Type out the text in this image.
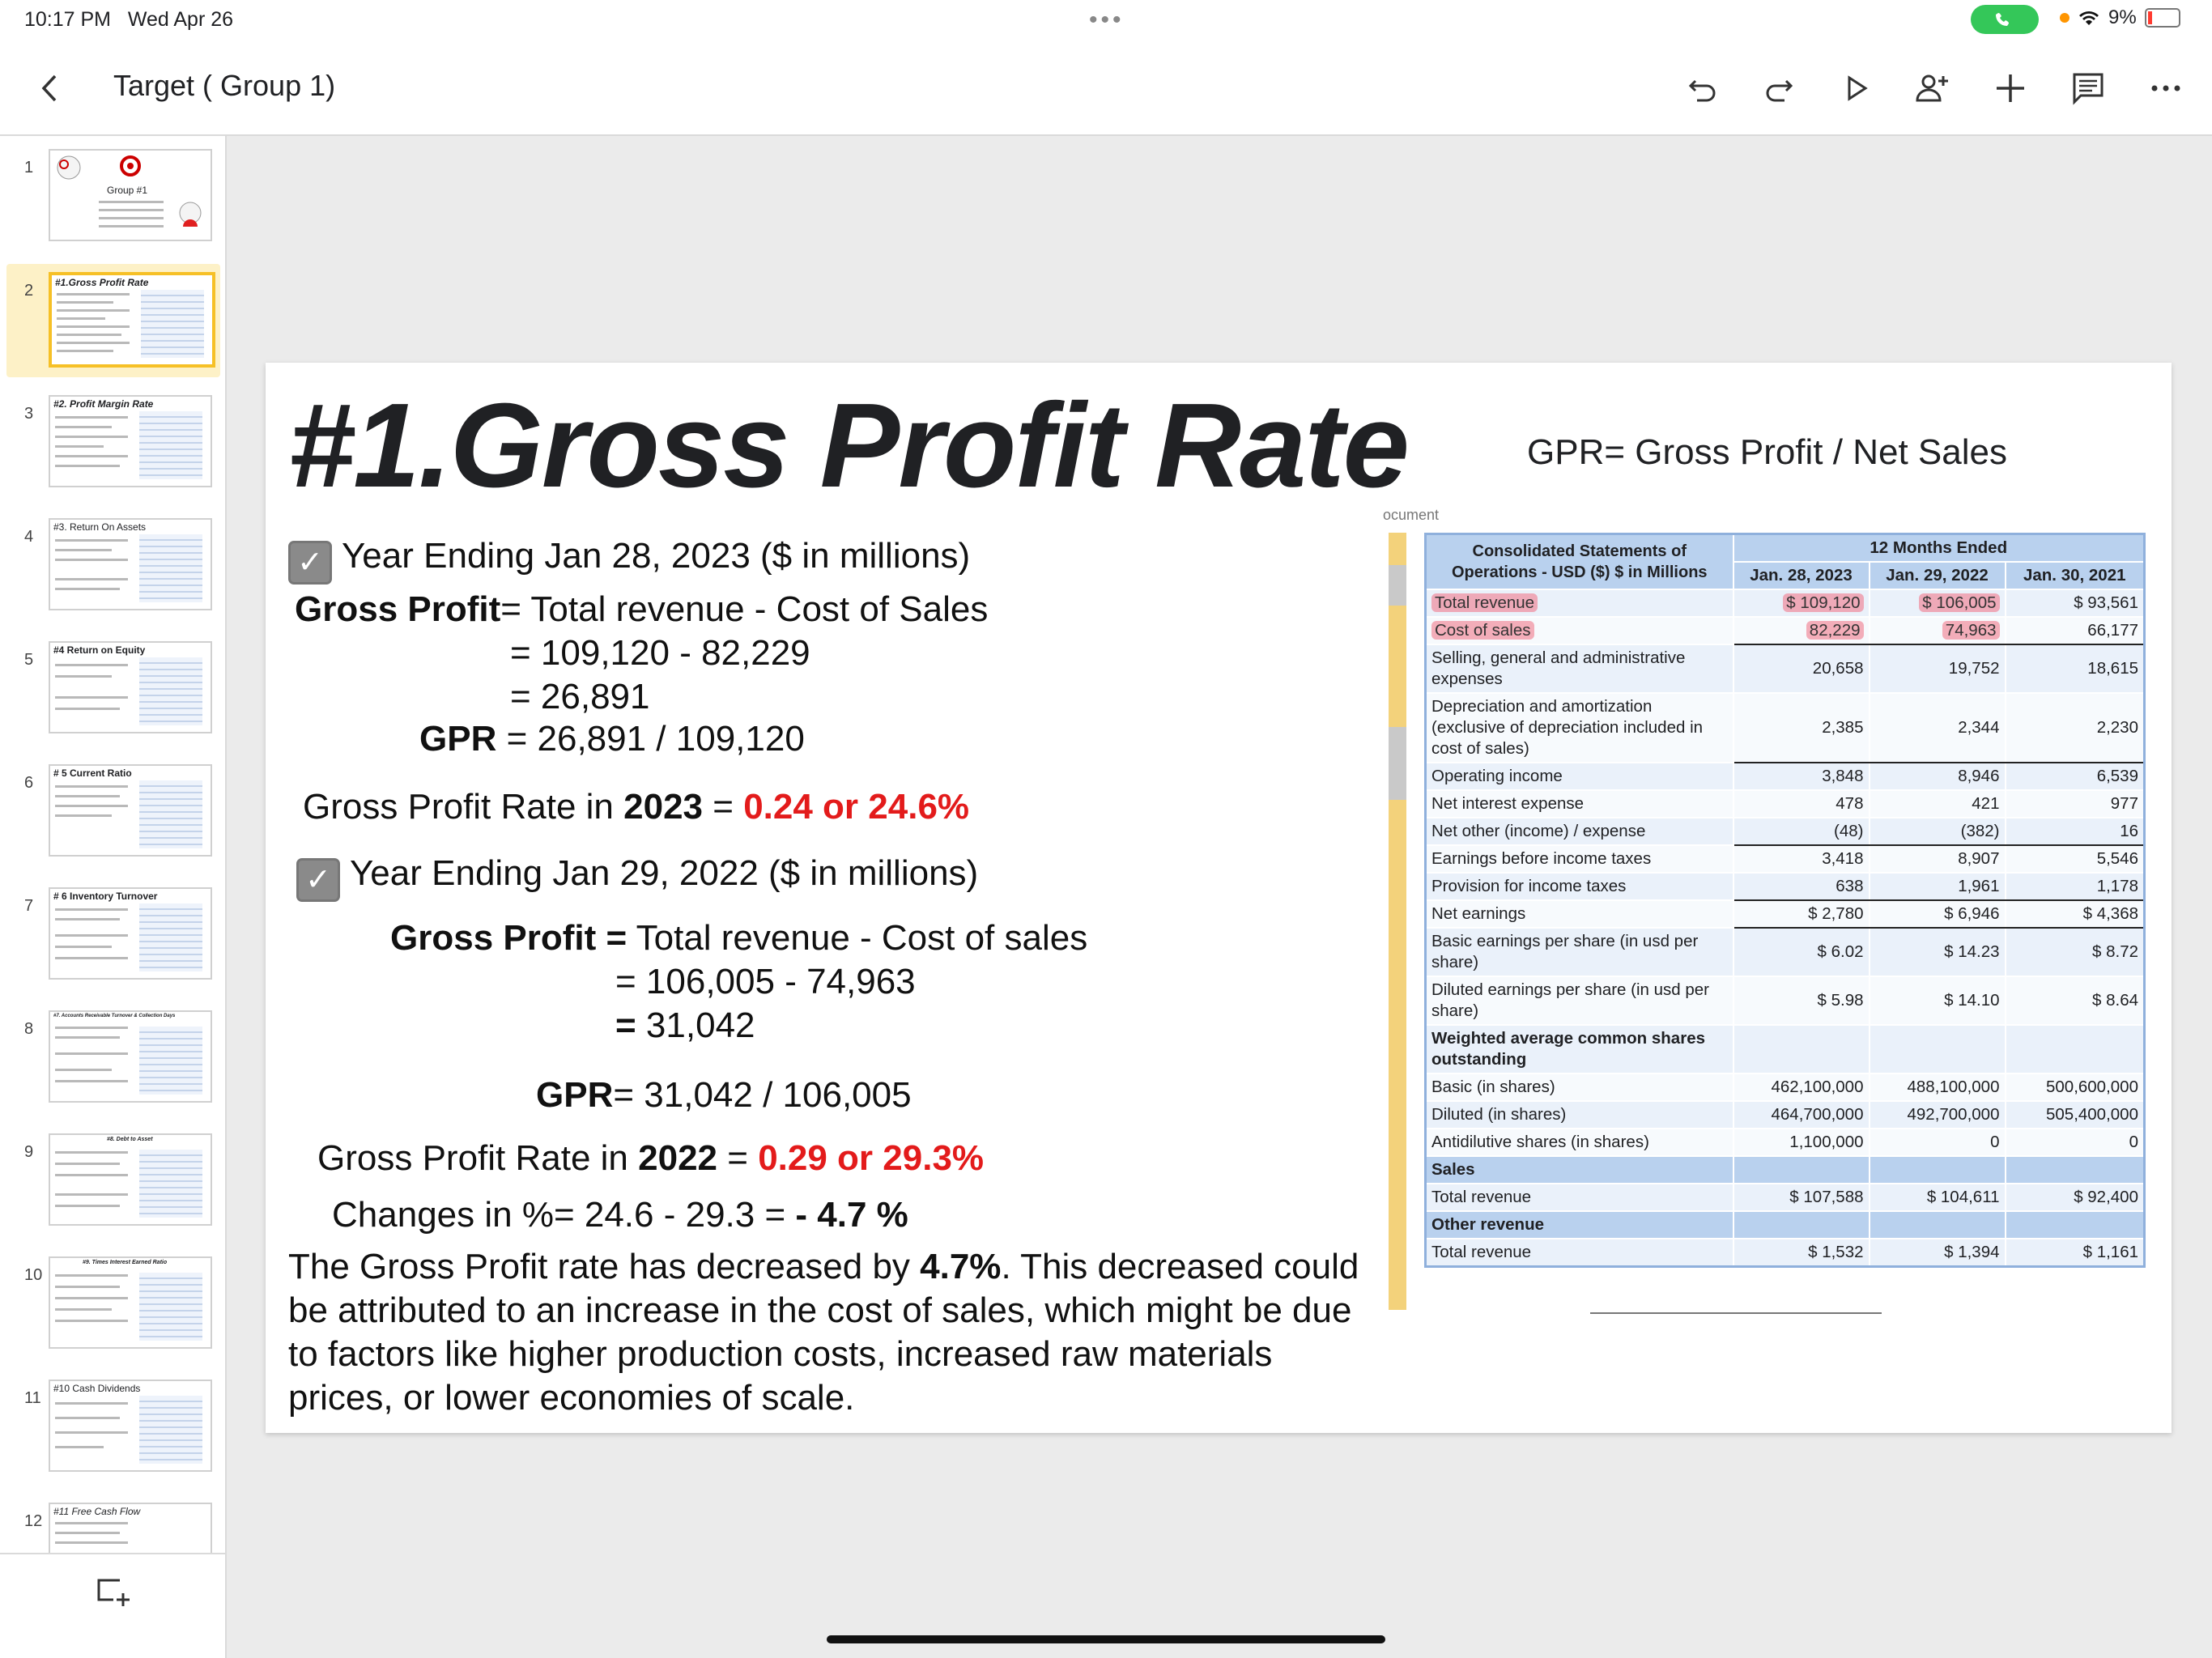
10:17 PM Wed Apr 26	•••	9%
Target ( Group 1)
1
Group #1
2 #1.Gross Profit Rate
3
#2. Profit Margin Rate
4
#3. Return On Assets
5
#4 Return on Equity
6
# 5 Current Ratio
7
# 6 Inventory Turnover
8
#7. Accounts Receivable Turnover & Collection Days
9
#8. Debt to Asset
10
#9. Times Interest Earned Ratio
11
#10 Cash Dividends
12
#11 Free Cash Flow
#1.Gross Profit Rate	GPR= Gross Profit / Net Sales
ocument
✓ Year Ending Jan 28, 2023 ($ in millions)
Gross Profit= Total revenue - Cost of Sales
= 109,120 - 82,229
= 26,891
GPR = 26,891 / 109,120
Gross Profit Rate in 2023 = 0.24 or 24.6%
✓ Year Ending Jan 29, 2022 ($ in millions)
Gross Profit = Total revenue - Cost of sales
= 106,005 - 74,963
= 31,042
GPR= 31,042 / 106,005
Gross Profit Rate in 2022 = 0.29 or 29.3%
Changes in %= 24.6 - 29.3 = - 4.7 %
The Gross Profit rate has decreased by 4.7%. This decreased could be attributed to an increase in the cost of sales, which might be due to factors like higher production costs, increased raw materials prices, or lower economies of scale.
Consolidated Statements of Operations - USD ($) $ in Millions	12 Months Ended		
	Jan. 28, 2023	Jan. 29, 2022	Jan. 30, 2021
Total revenue	$ 109,120	$ 106,005	$ 93,561
Cost of sales	82,229	74,963	66,177
Selling, general and administrative expenses	20,658	19,752	18,615
Depreciation and amortization (exclusive of depreciation included in cost of sales)	2,385	2,344	2,230
Operating income	3,848	8,946	6,539
Net interest expense	478	421	977
Net other (income) / expense	(48)	(382)	16
Earnings before income taxes	3,418	8,907	5,546
Provision for income taxes	638	1,961	1,178
Net earnings	$ 2,780	$ 6,946	$ 4,368
Basic earnings per share (in usd per share)	$ 6.02	$ 14.23	$ 8.72
Diluted earnings per share (in usd per share)	$ 5.98	$ 14.10	$ 8.64
Weighted average common shares outstanding			
Basic (in shares)	462,100,000	488,100,000	500,600,000
Diluted (in shares)	464,700,000	492,700,000	505,400,000
Antidilutive shares (in shares)	1,100,000	0	0
Sales			
Total revenue	$ 107,588	$ 104,611	$ 92,400
Other revenue			
Total revenue	$ 1,532	$ 1,394	$ 1,161
